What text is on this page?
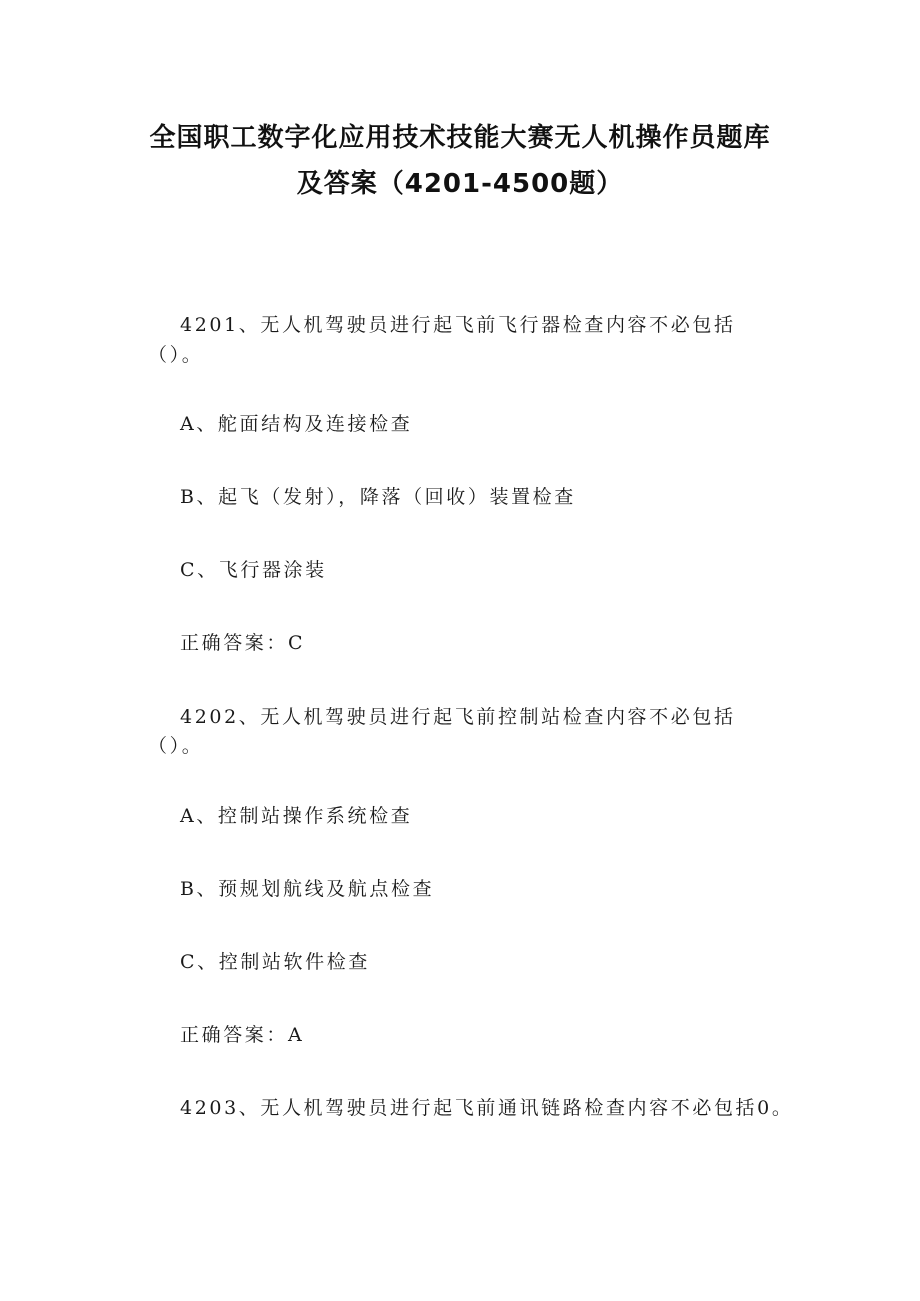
全国职工数字化应用技术技能大赛无人机操作员题库
及答案（4201-4500题）
4201、无人机驾驶员进行起飞前飞行器检查内容不必包括
（）。
A、舵面结构及连接检查
B、起飞（发射），降落（回收）装置检查
C、飞行器涂装
正确答案：C
4202、无人机驾驶员进行起飞前控制站检查内容不必包括
（）。
A、控制站操作系统检查
B、预规划航线及航点检查
C、控制站软件检查
正确答案：A
4203、无人机驾驶员进行起飞前通讯链路检查内容不必包括0。
